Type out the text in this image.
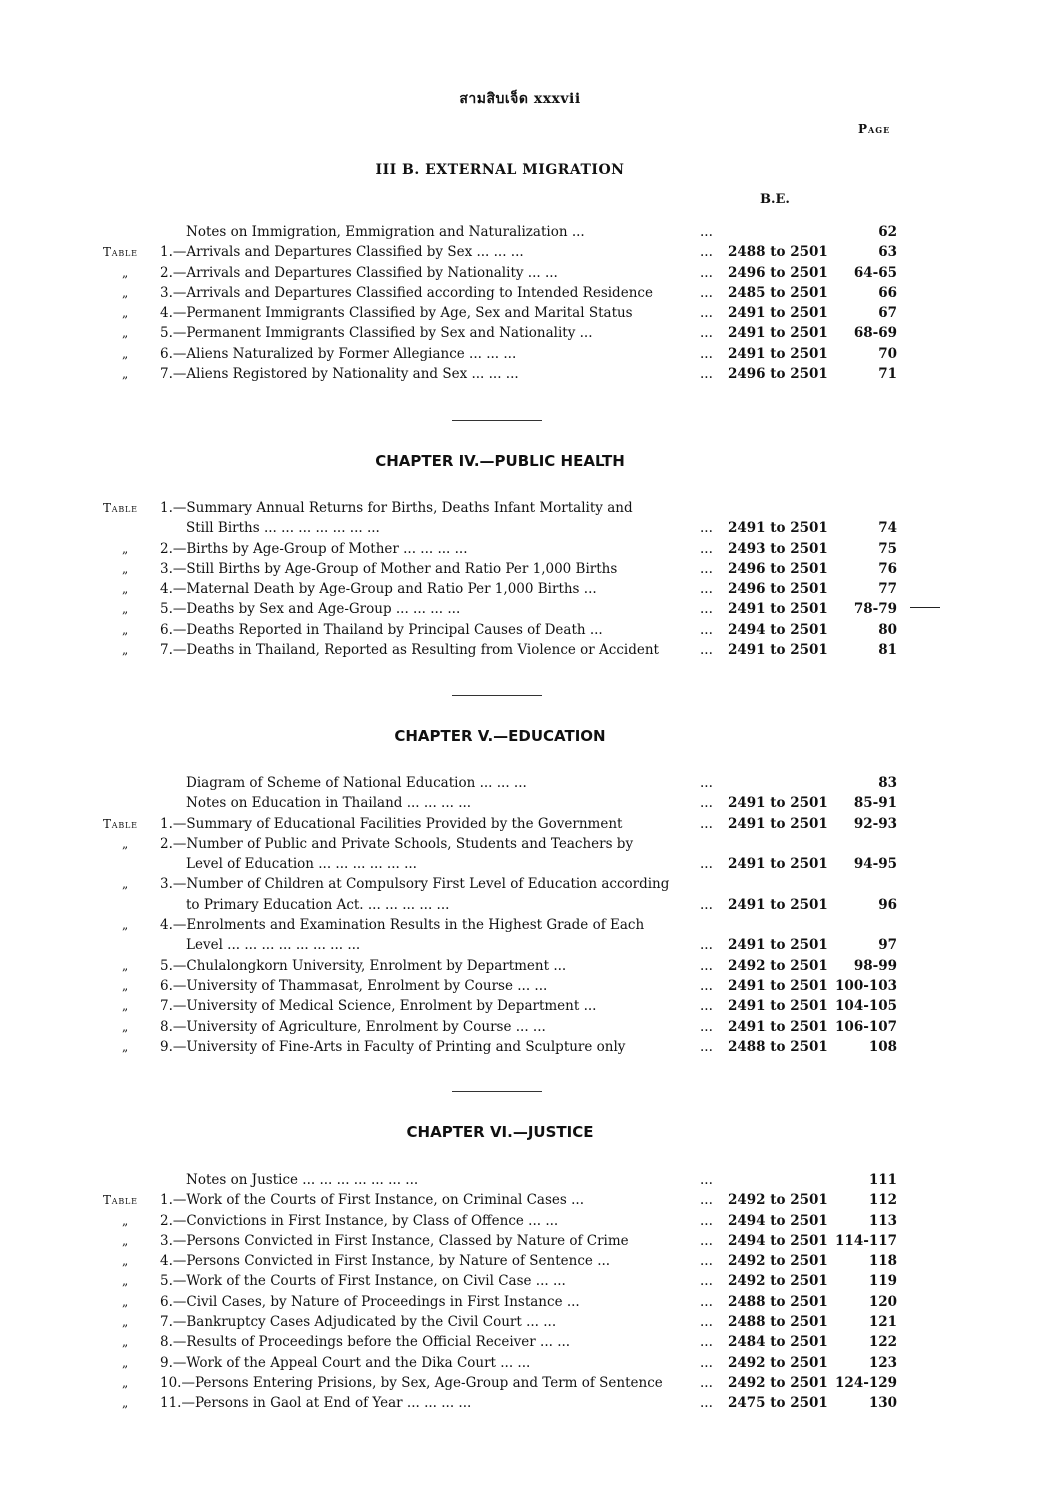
สามสิบเจ็ด xxxvii
Page
III B. EXTERNAL MIGRATION
B.E.
Notes on Immigration, Emmigration and Naturalization ...	...	62
Table 1.—Arrivals and Departures Classified by Sex ... ... ...	... 2488 to 2501	63
„ 2.—Arrivals and Departures Classified by Nationality ... ...	... 2496 to 2501 64-65
„ 3.—Arrivals and Departures Classified according to Intended Residence	... 2485 to 2501	66
„ 4.—Permanent Immigrants Classified by Age, Sex and Marital Status	... 2491 to 2501	67
„ 5.—Permanent Immigrants Classified by Sex and Nationality ...	... 2491 to 2501 68-69
„ 6.—Aliens Naturalized by Former Allegiance ... ... ...	... 2491 to 2501	70
„ 7.—Aliens Registored by Nationality and Sex ... ... ...	... 2496 to 2501	71
CHAPTER IV.—PUBLIC HEALTH
Table 1.—Summary Annual Returns for Births, Deaths Infant Mortality and
Still Births ... ... ... ... ... ... ...	... 2491 to 2501	74
„ 2.—Births by Age-Group of Mother ... ... ... ...	... 2493 to 2501	75
„ 3.—Still Births by Age-Group of Mother and Ratio Per 1,000 Births	... 2496 to 2501	76
„ 4.—Maternal Death by Age-Group and Ratio Per 1,000 Births ...	... 2496 to 2501	77
„ 5.—Deaths by Sex and Age-Group ... ... ... ...	... 2491 to 2501 78-79
„ 6.—Deaths Reported in Thailand by Principal Causes of Death ...	... 2494 to 2501	80
„ 7.—Deaths in Thailand, Reported as Resulting from Violence or Accident	... 2491 to 2501	81
CHAPTER V.—EDUCATION
Diagram of Scheme of National Education ... ... ...	...	83
Notes on Education in Thailand ... ... ... ...	... 2491 to 2501 85-91
Table 1.—Summary of Educational Facilities Provided by the Government	... 2491 to 2501 92-93
„ 2.—Number of Public and Private Schools, Students and Teachers by
Level of Education ... ... ... ... ... ...	... 2491 to 2501 94-95
„ 3.—Number of Children at Compulsory First Level of Education according
to Primary Education Act. ... ... ... ... ...	... 2491 to 2501	96
„ 4.—Enrolments and Examination Results in the Highest Grade of Each
Level ... ... ... ... ... ... ... ...	... 2491 to 2501	97
„ 5.—Chulalongkorn University, Enrolment by Department ...	... 2492 to 2501 98-99
„ 6.—University of Thammasat, Enrolment by Course ... ...	... 2491 to 2501 100-103
„ 7.—University of Medical Science, Enrolment by Department ...	... 2491 to 2501 104-105
„ 8.—University of Agriculture, Enrolment by Course ... ...	... 2491 to 2501 106-107
„ 9.—University of Fine-Arts in Faculty of Printing and Sculpture only	... 2488 to 2501	108
CHAPTER VI.—JUSTICE
Notes on Justice ... ... ... ... ... ... ...	...	111
Table 1.—Work of the Courts of First Instance, on Criminal Cases ...	... 2492 to 2501	112
„ 2.—Convictions in First Instance, by Class of Offence ... ...	... 2494 to 2501	113
„ 3.—Persons Convicted in First Instance, Classed by Nature of Crime	... 2494 to 2501 114-117
„ 4.—Persons Convicted in First Instance, by Nature of Sentence ...	... 2492 to 2501	118
„ 5.—Work of the Courts of First Instance, on Civil Case ... ...	... 2492 to 2501	119
„ 6.—Civil Cases, by Nature of Proceedings in First Instance ...	... 2488 to 2501	120
„ 7.—Bankruptcy Cases Adjudicated by the Civil Court ... ...	... 2488 to 2501	121
„ 8.—Results of Proceedings before the Official Receiver ... ...	... 2484 to 2501	122
„ 9.—Work of the Appeal Court and the Dika Court ... ...	... 2492 to 2501	123
„ 10.—Persons Entering Prisions, by Sex, Age-Group and Term of Sentence	... 2492 to 2501 124-129
„ 11.—Persons in Gaol at End of Year ... ... ... ...	... 2475 to 2501	130
